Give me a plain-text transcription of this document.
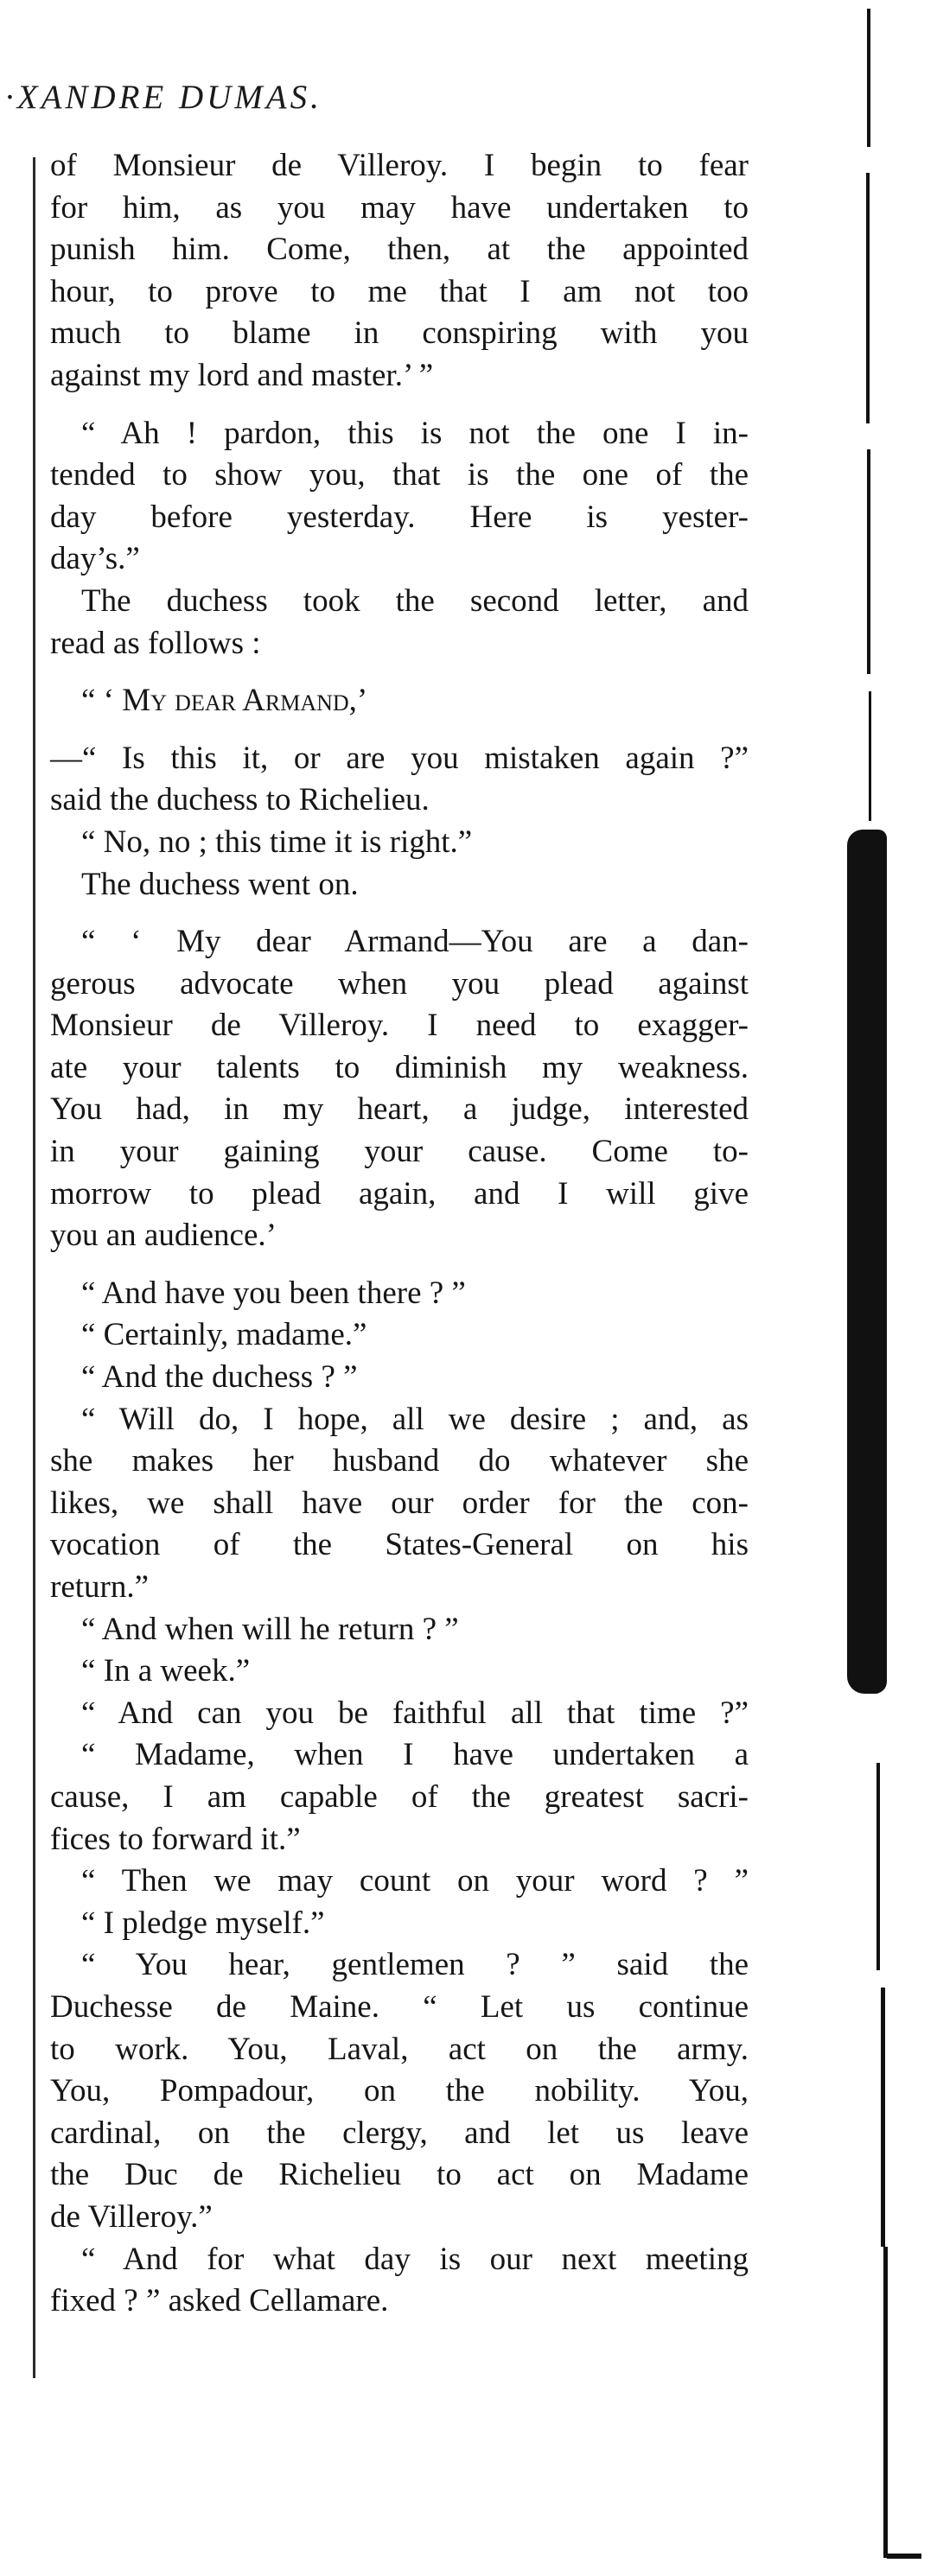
·XANDRE DUMAS.
of Monsieur de Villeroy. I begin to fear
for him, as you may have undertaken to
punish him. Come, then, at the appointed
hour, to prove to me that I am not too
much to blame in conspiring with you
against my lord and master.’ ”
“ Ah ! pardon, this is not the one I in-
tended to show you, that is the one of the
day before yesterday. Here is yester-
day’s.”
The duchess took the second letter, and
read as follows :
“ ‘ My dear Armand,’
—“ Is this it, or are you mistaken again ?”
said the duchess to Richelieu.
“ No, no ; this time it is right.”
The duchess went on.
“ ‘ My dear Armand—You are a dan-
gerous advocate when you plead against
Monsieur de Villeroy. I need to exagger-
ate your talents to diminish my weakness.
You had, in my heart, a judge, interested
in your gaining your cause. Come to-
morrow to plead again, and I will give
you an audience.’
“ And have you been there ? ”
“ Certainly, madame.”
“ And the duchess ? ”
“ Will do, I hope, all we desire ; and, as
she makes her husband do whatever she
likes, we shall have our order for the con-
vocation of the States-General on his
return.”
“ And when will he return ? ”
“ In a week.”
“ And can you be faithful all that time ?”
“ Madame, when I have undertaken a
cause, I am capable of the greatest sacri-
fices to forward it.”
“ Then we may count on your word ? ”
“ I pledge myself.”
“ You hear, gentlemen ? ” said the
Duchesse de Maine. “ Let us continue
to work. You, Laval, act on the army.
You, Pompadour, on the nobility. You,
cardinal, on the clergy, and let us leave
the Duc de Richelieu to act on Madame
de Villeroy.”
“ And for what day is our next meeting
fixed ? ” asked Cellamare.
